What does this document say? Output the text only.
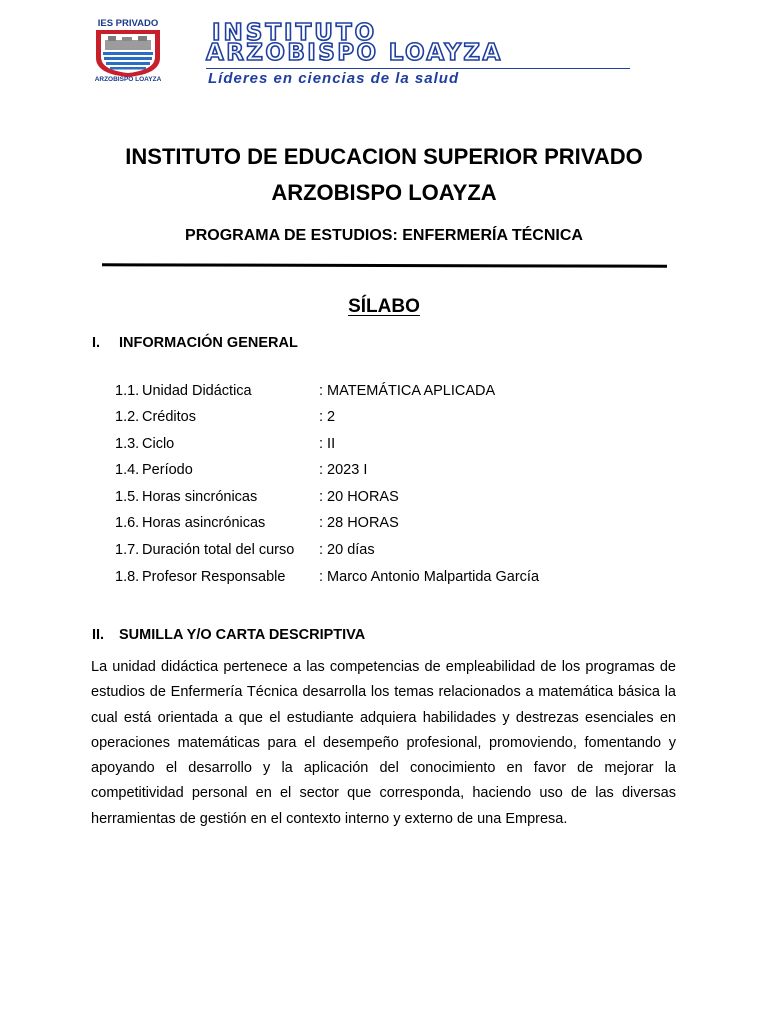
IES PRIVADO
ARZOBISPO LOAYZA
INSTITUTO
ARZOBISPO LOAYZA
Líderes en ciencias de la salud
INSTITUTO DE EDUCACION SUPERIOR PRIVADO
ARZOBISPO LOAYZA
PROGRAMA DE ESTUDIOS: ENFERMERÍA TÉCNICA
SÍLABO
I. INFORMACIÓN GENERAL
1.1. Unidad Didáctica	: MATEMÁTICA APLICADA
1.2. Créditos	: 2
1.3. Ciclo	: II
1.4. Período	: 2023 I
1.5. Horas sincrónicas	: 20 HORAS
1.6. Horas asincrónicas	: 28 HORAS
1.7. Duración total del curso : 20 días
1.8. Profesor Responsable : Marco Antonio Malpartida García
II. SUMILLA Y/O CARTA DESCRIPTIVA
La unidad didáctica pertenece a las competencias de empleabilidad de los programas de estudios de Enfermería Técnica desarrolla los temas relacionados a matemática básica la cual está orientada a que el estudiante adquiera habilidades y destrezas esenciales en operaciones matemáticas para el desempeño profesional, promoviendo, fomentando y apoyando el desarrollo y la aplicación del conocimiento en favor de mejorar la competitividad personal en el sector que corresponda, haciendo uso de las diversas herramientas de gestión en el contexto interno y externo de una Empresa.
